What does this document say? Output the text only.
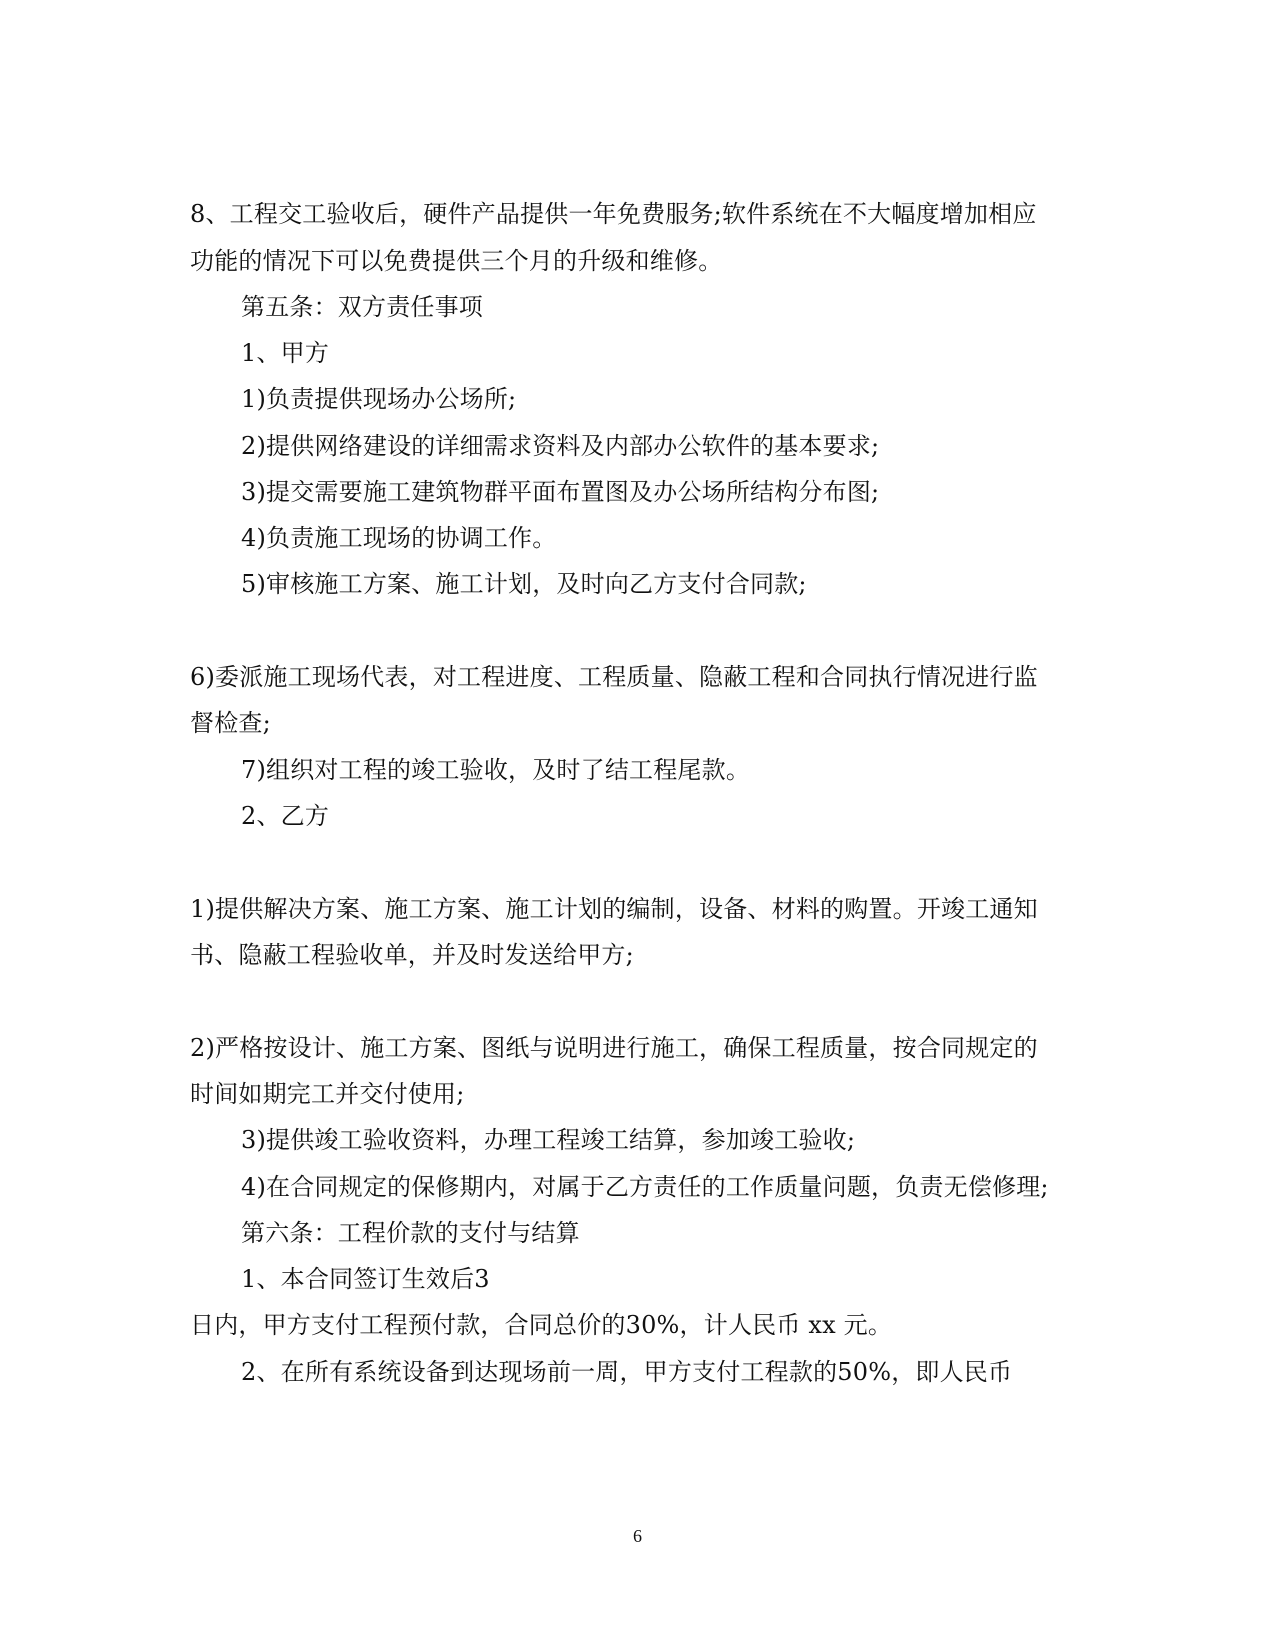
8、工程交工验收后，硬件产品提供一年免费服务;软件系统在不大幅度增加相应
功能的情况下可以免费提供三个月的升级和维修。
第五条：双方责任事项
1、甲方
1)负责提供现场办公场所;
2)提供网络建设的详细需求资料及内部办公软件的基本要求;
3)提交需要施工建筑物群平面布置图及办公场所结构分布图;
4)负责施工现场的协调工作。
5)审核施工方案、施工计划，及时向乙方支付合同款;
6)委派施工现场代表，对工程进度、工程质量、隐蔽工程和合同执行情况进行监
督检查;
7)组织对工程的竣工验收，及时了结工程尾款。
2、乙方
1)提供解决方案、施工方案、施工计划的编制，设备、材料的购置。开竣工通知
书、隐蔽工程验收单，并及时发送给甲方;
2)严格按设计、施工方案、图纸与说明进行施工，确保工程质量，按合同规定的
时间如期完工并交付使用;
3)提供竣工验收资料，办理工程竣工结算，参加竣工验收;
4)在合同规定的保修期内，对属于乙方责任的工作质量问题，负责无偿修理;
第六条：工程价款的支付与结算
1、本合同签订生效后3
日内，甲方支付工程预付款，合同总价的30%，计人民币 xx 元。
2、在所有系统设备到达现场前一周，甲方支付工程款的50%，即人民币
6
